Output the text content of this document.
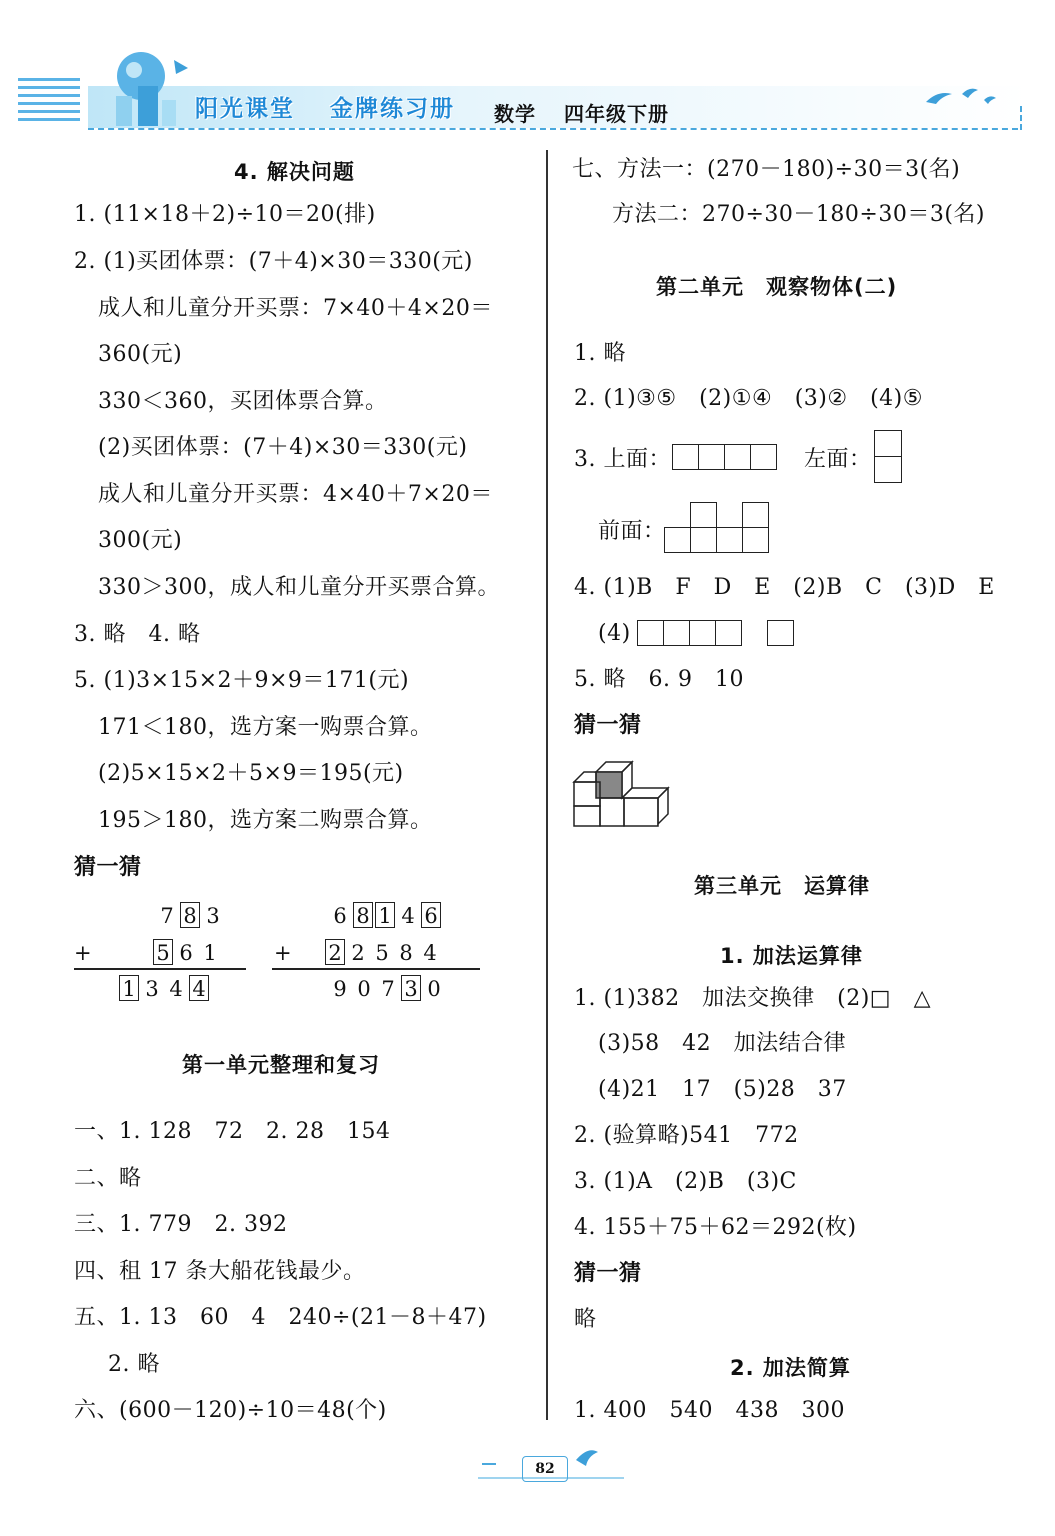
阳光课堂 金牌练习册 数学 四年级下册
4. 解决问题
1. (11×18＋2)÷10＝20(排)
2. (1)买团体票：(7＋4)×30＝330(元)
成人和儿童分开买票：7×40＋4×20＝
360(元)
330＜360，买团体票合算。
(2)买团体票：(7＋4)×30＝330(元)
成人和儿童分开买票：4×40＋7×20＝
300(元)
330＞300，成人和儿童分开买票合算。
3. 略　4. 略
5. (1)3×15×2＋9×9＝171(元)
171＜180，选方案一购票合算。
(2)5×15×2＋5×9＝195(元)
195＞180，选方案二购票合算。
猜一猜
7 8 3
+	5 6 1
1 3 4 4
6 8 1 4 6
+ 2 2 5 8 4
9 0 7 3 0
第一单元整理和复习
一、1. 128　72　2. 28　154
二、略
三、1. 779　2. 392
四、租 17 条大船花钱最少。
五、1. 13　60　4　240÷(21－8＋47)
2. 略
六、(600－120)÷10＝48(个)
七、方法一：(270－180)÷30＝3(名)
方法二：270÷30－180÷30＝3(名)
第二单元　观察物体(二)
1. 略
2. (1)③⑤　(2)①④　(3)②　(4)⑤
3. 上面：	左面：
前面：
4. (1)B　F　D　E　(2)B　C　(3)D　E
(4)
5. 略　6. 9　10
猜一猜
第三单元　运算律
1. 加法运算律
1. (1)382　加法交换律　(2)□　△
(3)58　42　加法结合律
(4)21　17　(5)28　37
2. (验算略)541　772
3. (1)A　(2)B　(3)C
4. 155＋75＋62＝292(枚)
猜一猜
略
2. 加法简算
1. 400　540　438　300
82
